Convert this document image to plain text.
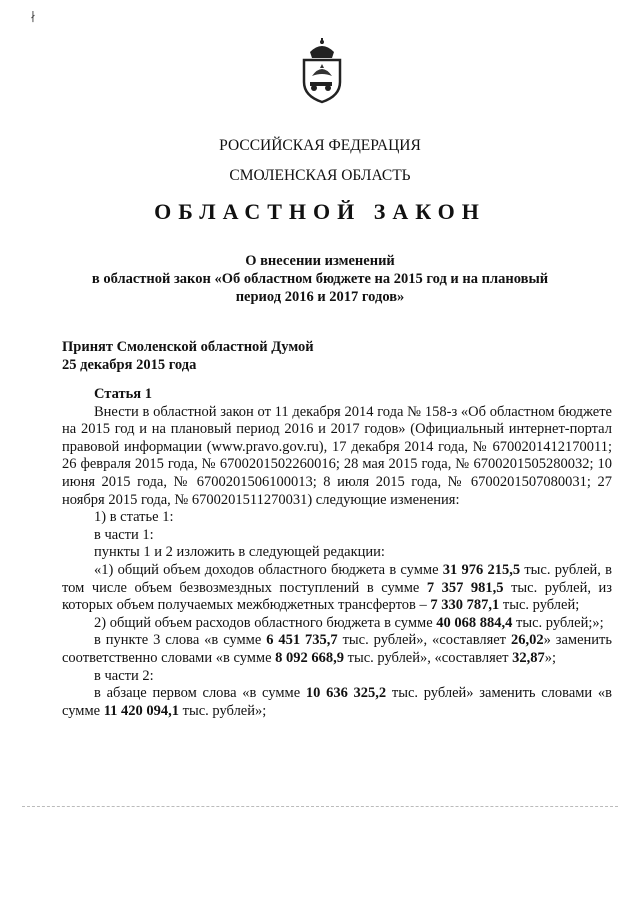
∤
РОССИЙСКАЯ ФЕДЕРАЦИЯ
СМОЛЕНСКАЯ ОБЛАСТЬ
ОБЛАСТНОЙ ЗАКОН
О внесении изменений
в областной закон «Об областном бюджете на 2015 год и на плановый
период 2016 и 2017 годов»
Принят Смоленской областной Думой
25 декабря 2015 года

Статья 1

Внести в областной закон от 11 декабря 2014 года № 158-з «Об областном бюджете на 2015 год и на плановый период 2016 и 2017 годов» (Официальный интернет-портал правовой информации (www.pravo.gov.ru), 17 декабря 2014 года, № 6700201412170011; 26 февраля 2015 года, № 6700201502260016; 28 мая 2015 года, № 6700201505280032; 10 июня 2015 года, № 6700201506100013; 8 июля 2015 года, № 6700201507080031; 27 ноября 2015 года, № 6700201511270031) следующие изменения:

1) в статье 1:

в части 1:

пункты 1 и 2 изложить в следующей редакции:

«1) общий объем доходов областного бюджета в сумме 31 976 215,5 тыс. рублей, в том числе объем безвозмездных поступлений в сумме 7 357 981,5 тыс. рублей, из которых объем получаемых межбюджетных трансфертов – 7 330 787,1 тыс. рублей;

2) общий объем расходов областного бюджета в сумме 40 068 884,4 тыс. рублей;»;

в пункте 3 слова «в сумме 6 451 735,7 тыс. рублей», «составляет 26,02» заменить соответственно словами «в сумме 8 092 668,9 тыс. рублей», «составляет 32,87»;

в части 2:

в абзаце первом слова «в сумме 10 636 325,2 тыс. рублей» заменить словами «в сумме 11 420 094,1 тыс. рублей»;
